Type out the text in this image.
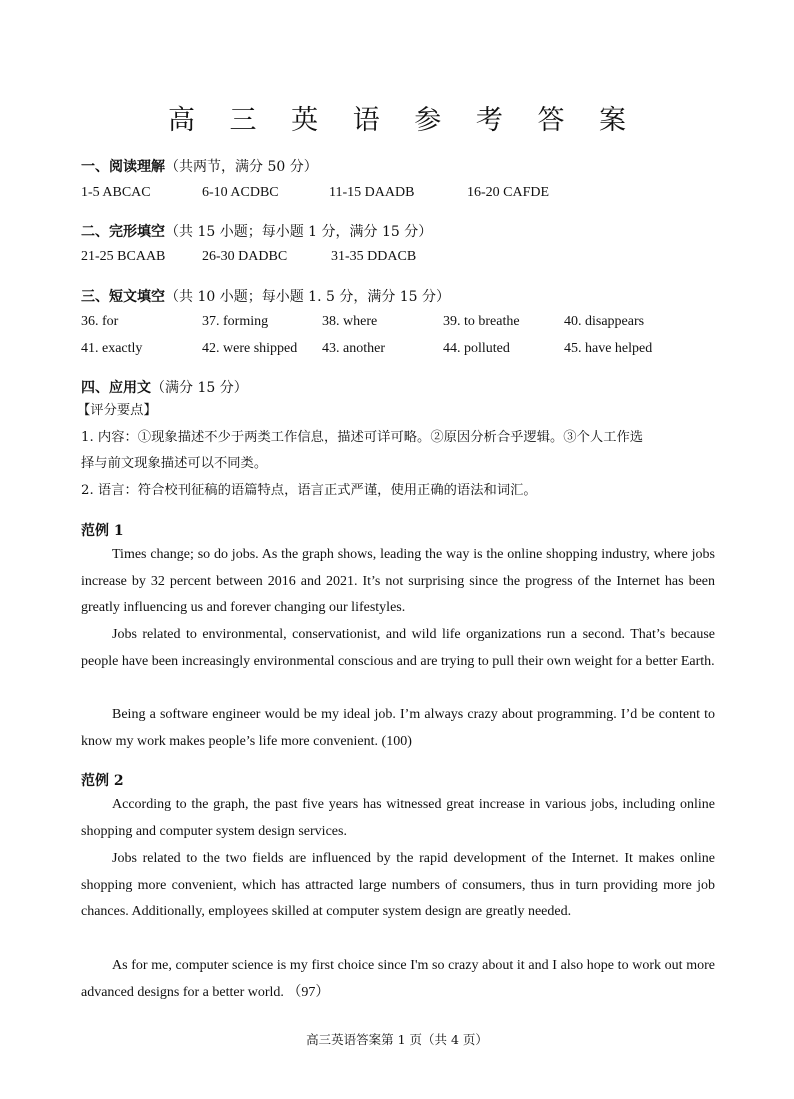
高 三 英 语 参 考 答 案
一、阅读理解（共两节，满分 50 分）
1-5 ABCAC	6-10 ACDBC	11-15 DAADB	16-20 CAFDE
二、完形填空（共 15 小题；每小题 1 分，满分 15 分）
21-25 BCAAB	26-30 DADBC	31-35 DDACB
三、短文填空（共 10 小题；每小题 1. 5 分，满分 15 分）
36. for	37. forming	38. where	39. to breathe	40. disappears
41. exactly	42. were shipped 43. another	44. polluted	45. have helped
四、应用文（满分 15 分）
【评分要点】
1. 内容：①现象描述不少于两类工作信息，描述可详可略。②原因分析合乎逻辑。③个人工作选
择与前文现象描述可以不同类。
2. 语言：符合校刊征稿的语篇特点，语言正式严谨，使用正确的语法和词汇。
范例 1
Times change; so do jobs. As the graph shows, leading the way is the online shopping industry, where jobs increase by 32 percent between 2016 and 2021. It’s not surprising since the progress of the Internet has been greatly influencing us and forever changing our lifestyles.
Jobs related to environmental, conservationist, and wild life organizations run a second. That’s because people have been increasingly environmental conscious and are trying to pull their own weight for a better Earth.
Being a software engineer would be my ideal job. I’m always crazy about programming. I’d be content to know my work makes people’s life more convenient. (100)
范例 2
According to the graph, the past five years has witnessed great increase in various jobs, including online shopping and computer system design services.
Jobs related to the two fields are influenced by the rapid development of the Internet. It makes online shopping more convenient, which has attracted large numbers of consumers, thus in turn providing more job chances. Additionally, employees skilled at computer system design are greatly needed.
As for me, computer science is my first choice since I'm so crazy about it and I also hope to work out more advanced designs for a better world. （97）
高三英语答案第 1 页（共 4 页）
